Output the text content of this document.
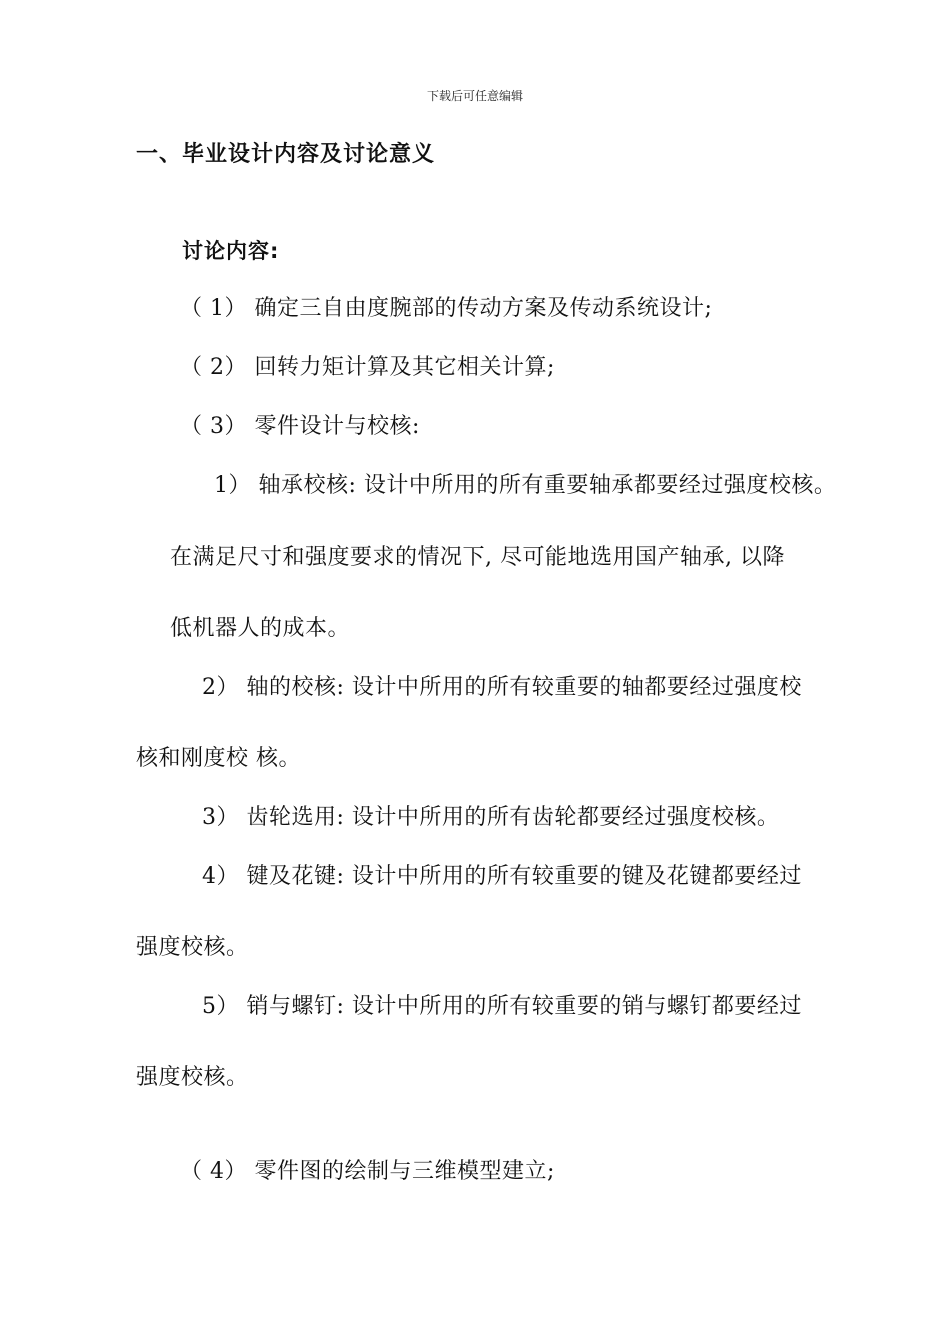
下载后可任意编辑
一、毕业设计内容及讨论意义
讨论内容:
（ 1） 确定三自由度腕部的传动方案及传动系统设计;
（ 2） 回转力矩计算及其它相关计算;
（ 3） 零件设计与校核:
1） 轴承校核: 设计中所用的所有重要轴承都要经过强度校核。
在满足尺寸和强度要求的情况下, 尽可能地选用国产轴承, 以降
低机器人的成本。
2） 轴的校核: 设计中所用的所有较重要的轴都要经过强度校
核和刚度校 核。
3） 齿轮选用: 设计中所用的所有齿轮都要经过强度校核。
4） 键及花键: 设计中所用的所有较重要的键及花键都要经过
强度校核。
5） 销与螺钉: 设计中所用的所有较重要的销与螺钉都要经过
强度校核。
（ 4） 零件图的绘制与三维模型建立;
